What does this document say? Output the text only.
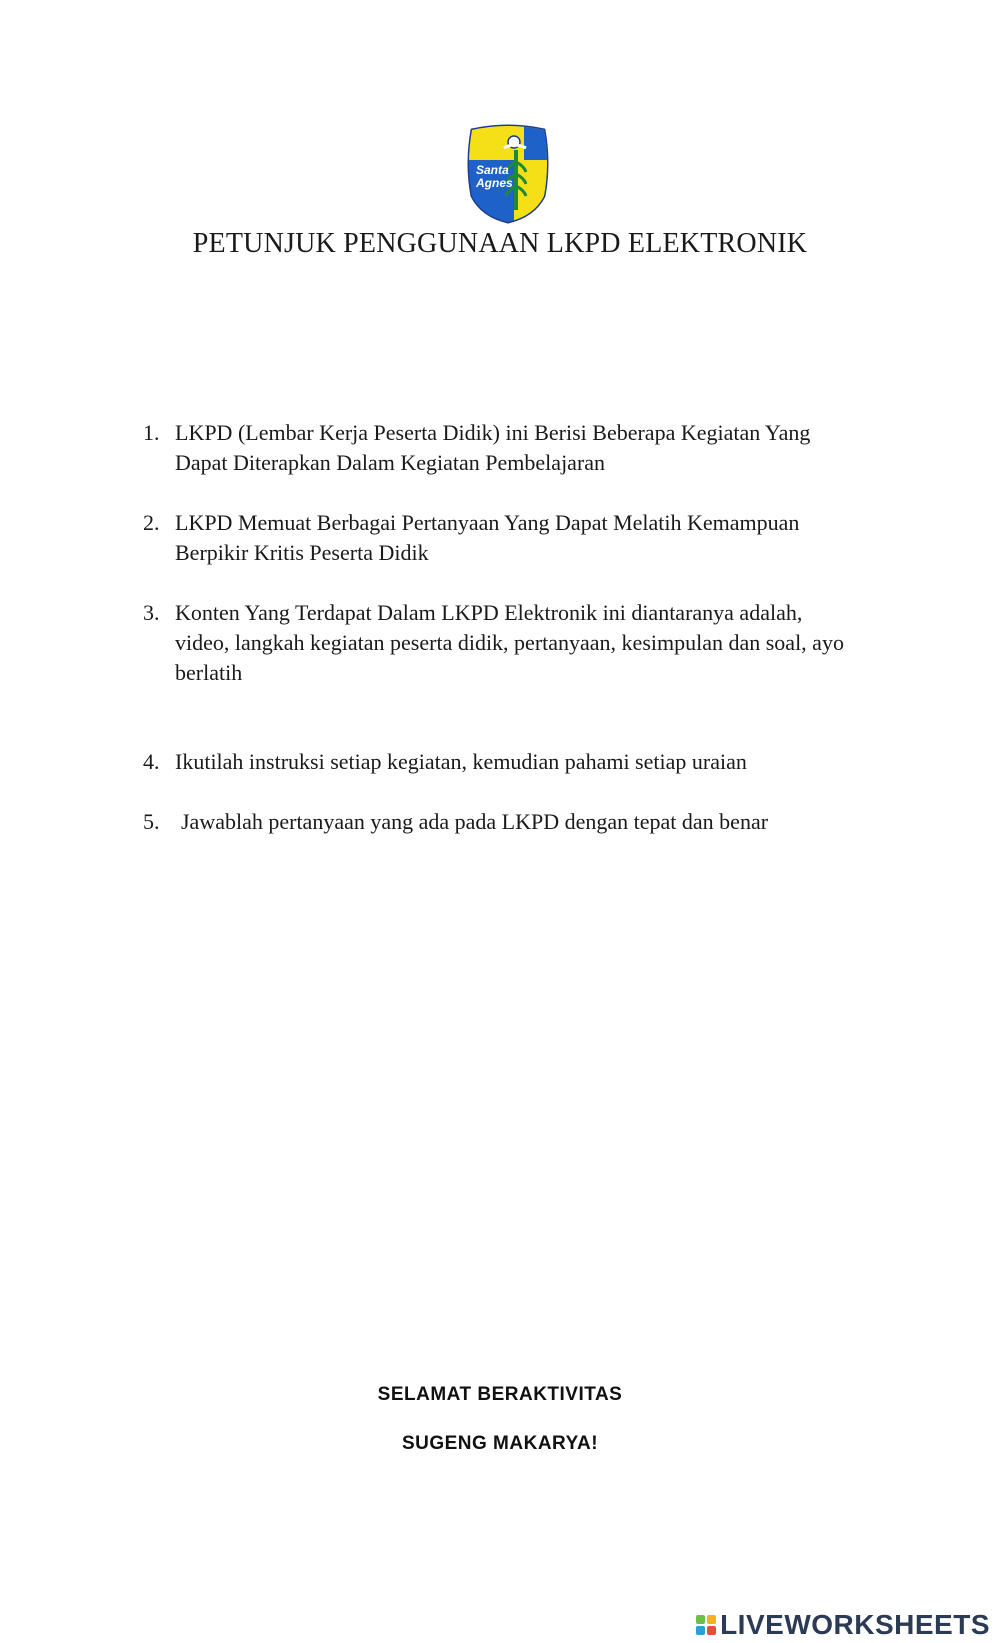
Santa
Agnes
PETUNJUK PENGGUNAAN LKPD ELEKTRONIK
1. LKPD (Lembar Kerja Peserta Didik) ini Berisi Beberapa Kegiatan Yang
Dapat Diterapkan Dalam Kegiatan Pembelajaran
2. LKPD Memuat Berbagai Pertanyaan Yang Dapat Melatih Kemampuan
Berpikir Kritis Peserta Didik
3. Konten Yang Terdapat Dalam LKPD Elektronik ini diantaranya adalah,
video, langkah kegiatan peserta didik, pertanyaan, kesimpulan dan soal, ayo
berlatih
4. Ikutilah instruksi setiap kegiatan, kemudian pahami setiap uraian
5. Jawablah pertanyaan yang ada pada LKPD dengan tepat dan benar
SELAMAT BERAKTIVITAS
SUGENG MAKARYA!
LIVEWORKSHEETS
